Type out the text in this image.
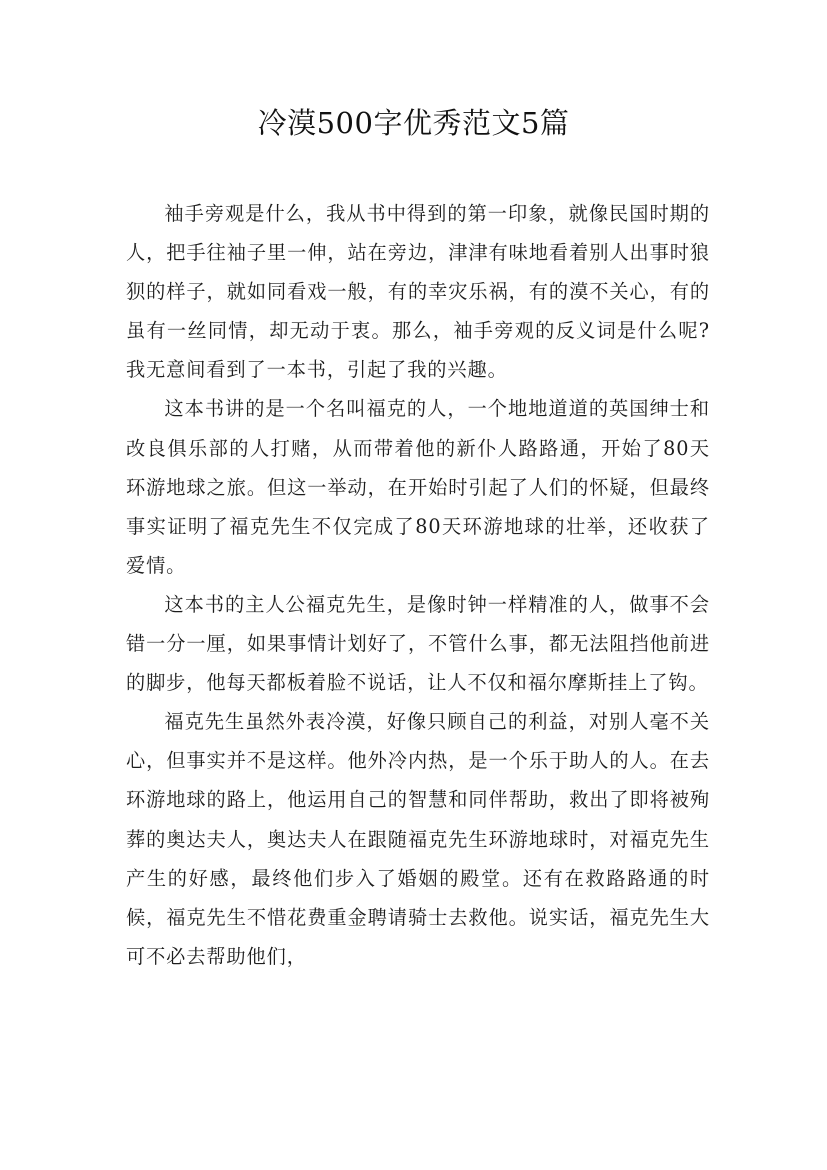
冷漠500字优秀范文5篇

袖手旁观是什么，我从书中得到的第一印象，就像民国时期的人，把手往袖子里一伸，站在旁边，津津有味地看着别人出事时狼狈的样子，就如同看戏一般，有的幸灾乐祸，有的漠不关心，有的虽有一丝同情，却无动于衷。那么，袖手旁观的反义词是什么呢?我无意间看到了一本书，引起了我的兴趣。

这本书讲的是一个名叫福克的人，一个地地道道的英国绅士和改良俱乐部的人打赌，从而带着他的新仆人路路通，开始了80天环游地球之旅。但这一举动，在开始时引起了人们的怀疑，但最终事实证明了福克先生不仅完成了80天环游地球的壮举，还收获了爱情。

这本书的主人公福克先生，是像时钟一样精准的人，做事不会错一分一厘，如果事情计划好了，不管什么事，都无法阻挡他前进的脚步，他每天都板着脸不说话，让人不仅和福尔摩斯挂上了钩。

福克先生虽然外表冷漠，好像只顾自己的利益，对别人毫不关心，但事实并不是这样。他外冷内热，是一个乐于助人的人。在去环游地球的路上，他运用自己的智慧和同伴帮助，救出了即将被殉葬的奥达夫人，奥达夫人在跟随福克先生环游地球时，对福克先生产生的好感，最终他们步入了婚姻的殿堂。还有在救路路通的时候，福克先生不惜花费重金聘请骑士去救他。说实话，福克先生大可不必去帮助他们，
